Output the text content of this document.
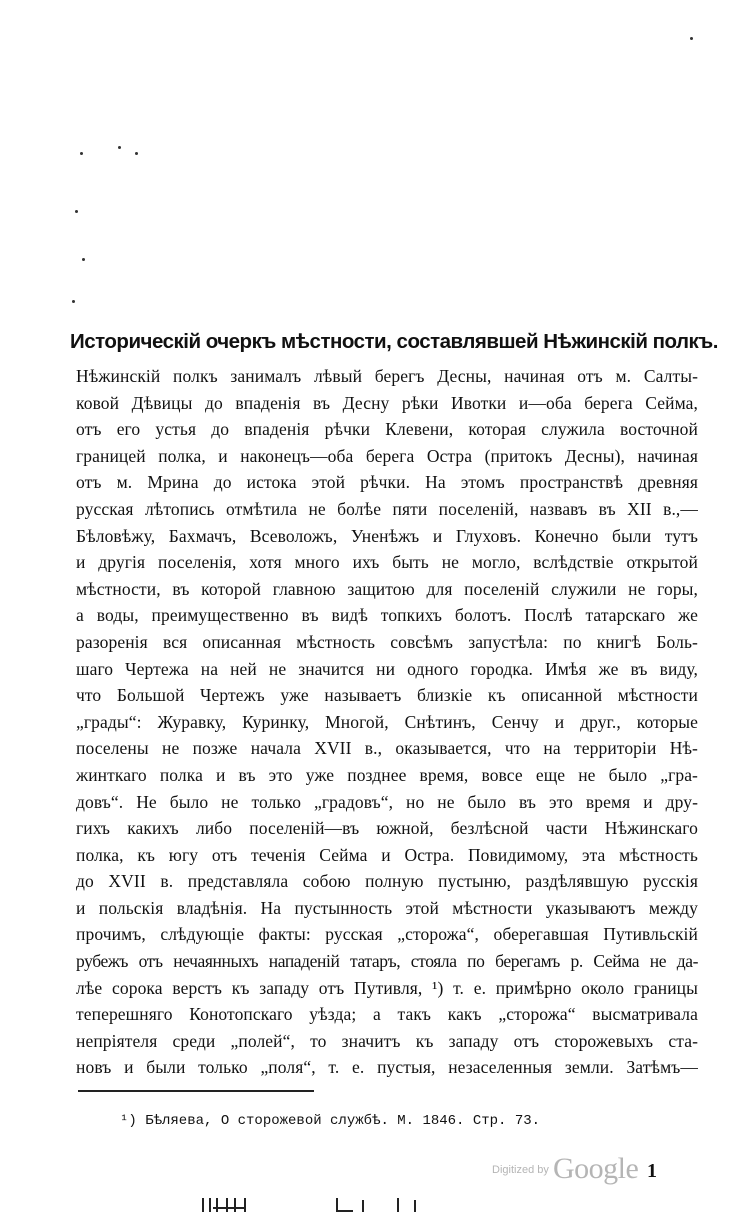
Историческій очеркъ мѣстности, составлявшей Нѣжинскій полкъ.
Нѣжинскій полкъ занималъ лѣвый берегъ Десны, начиная отъ м. Салты-
ковой Дѣвицы до впаденія въ Десну рѣки Ивотки и—оба берега Сейма,
отъ его устья до впаденія рѣчки Клевени, которая служила восточной
границей полка, и наконецъ—оба берега Остра (притокъ Десны), начиная
отъ м. Мрина до истока этой рѣчки. На этомъ пространствѣ древняя
русская лѣтопись отмѣтила не болѣе пяти поселеній, назвавъ въ XII в.,—
Бѣловѣжу, Бахмачъ, Всеволожъ, Уненѣжъ и Глуховъ. Конечно были тутъ
и другія поселенія, хотя много ихъ быть не могло, вслѣдствіе открытой
мѣстности, въ которой главною защитою для поселеній служили не горы,
а воды, преимущественно въ видѣ топкихъ болотъ. Послѣ татарскаго же
разоренія вся описанная мѣстность совсѣмъ запустѣла: по книгѣ Боль-
шаго Чертежа на ней не значится ни одного городка. Имѣя же въ виду,
что Большой Чертежъ уже называетъ близкіе къ описанной мѣстности
„грады“: Журавку, Куринку, Многой, Снѣтинъ, Сенчу и друг., которые
поселены не позже начала XVII в., оказывается, что на территоріи Нѣ-
жинткаго полка и въ это уже позднее время, вовсе еще не было „гра-
довъ“. Не было не только „градовъ“, но не было въ это время и дру-
гихъ какихъ либо поселеній—въ южной, безлѣсной части Нѣжинскаго
полка, къ югу отъ теченія Сейма и Остра. Повидимому, эта мѣстность
до XVII в. представляла собою полную пустыню, раздѣлявшую русскія
и польскія владѣнія. На пустынность этой мѣстности указываютъ между
прочимъ, слѣдующіе факты: русская „сторожа“, оберегавшая Путивльскій
рубежъ отъ нечаянныхъ нападеній татаръ, стояла по берегамъ р. Сейма не да-
лѣе сорока верстъ къ западу отъ Путивля, ¹) т. е. примѣрно около границы
теперешняго Конотопскаго уѣзда; а такъ какъ „сторожа“ высматривала
непріятеля среди „полей“, то значитъ къ западу отъ сторожевыхъ ста-
новъ и были только „поля“, т. е. пустыя, незаселенныя земли. Затѣмъ—
¹) Бѣляева, О сторожевой службѣ. М. 1846. Стр. 73.
1
Digitized by Google
